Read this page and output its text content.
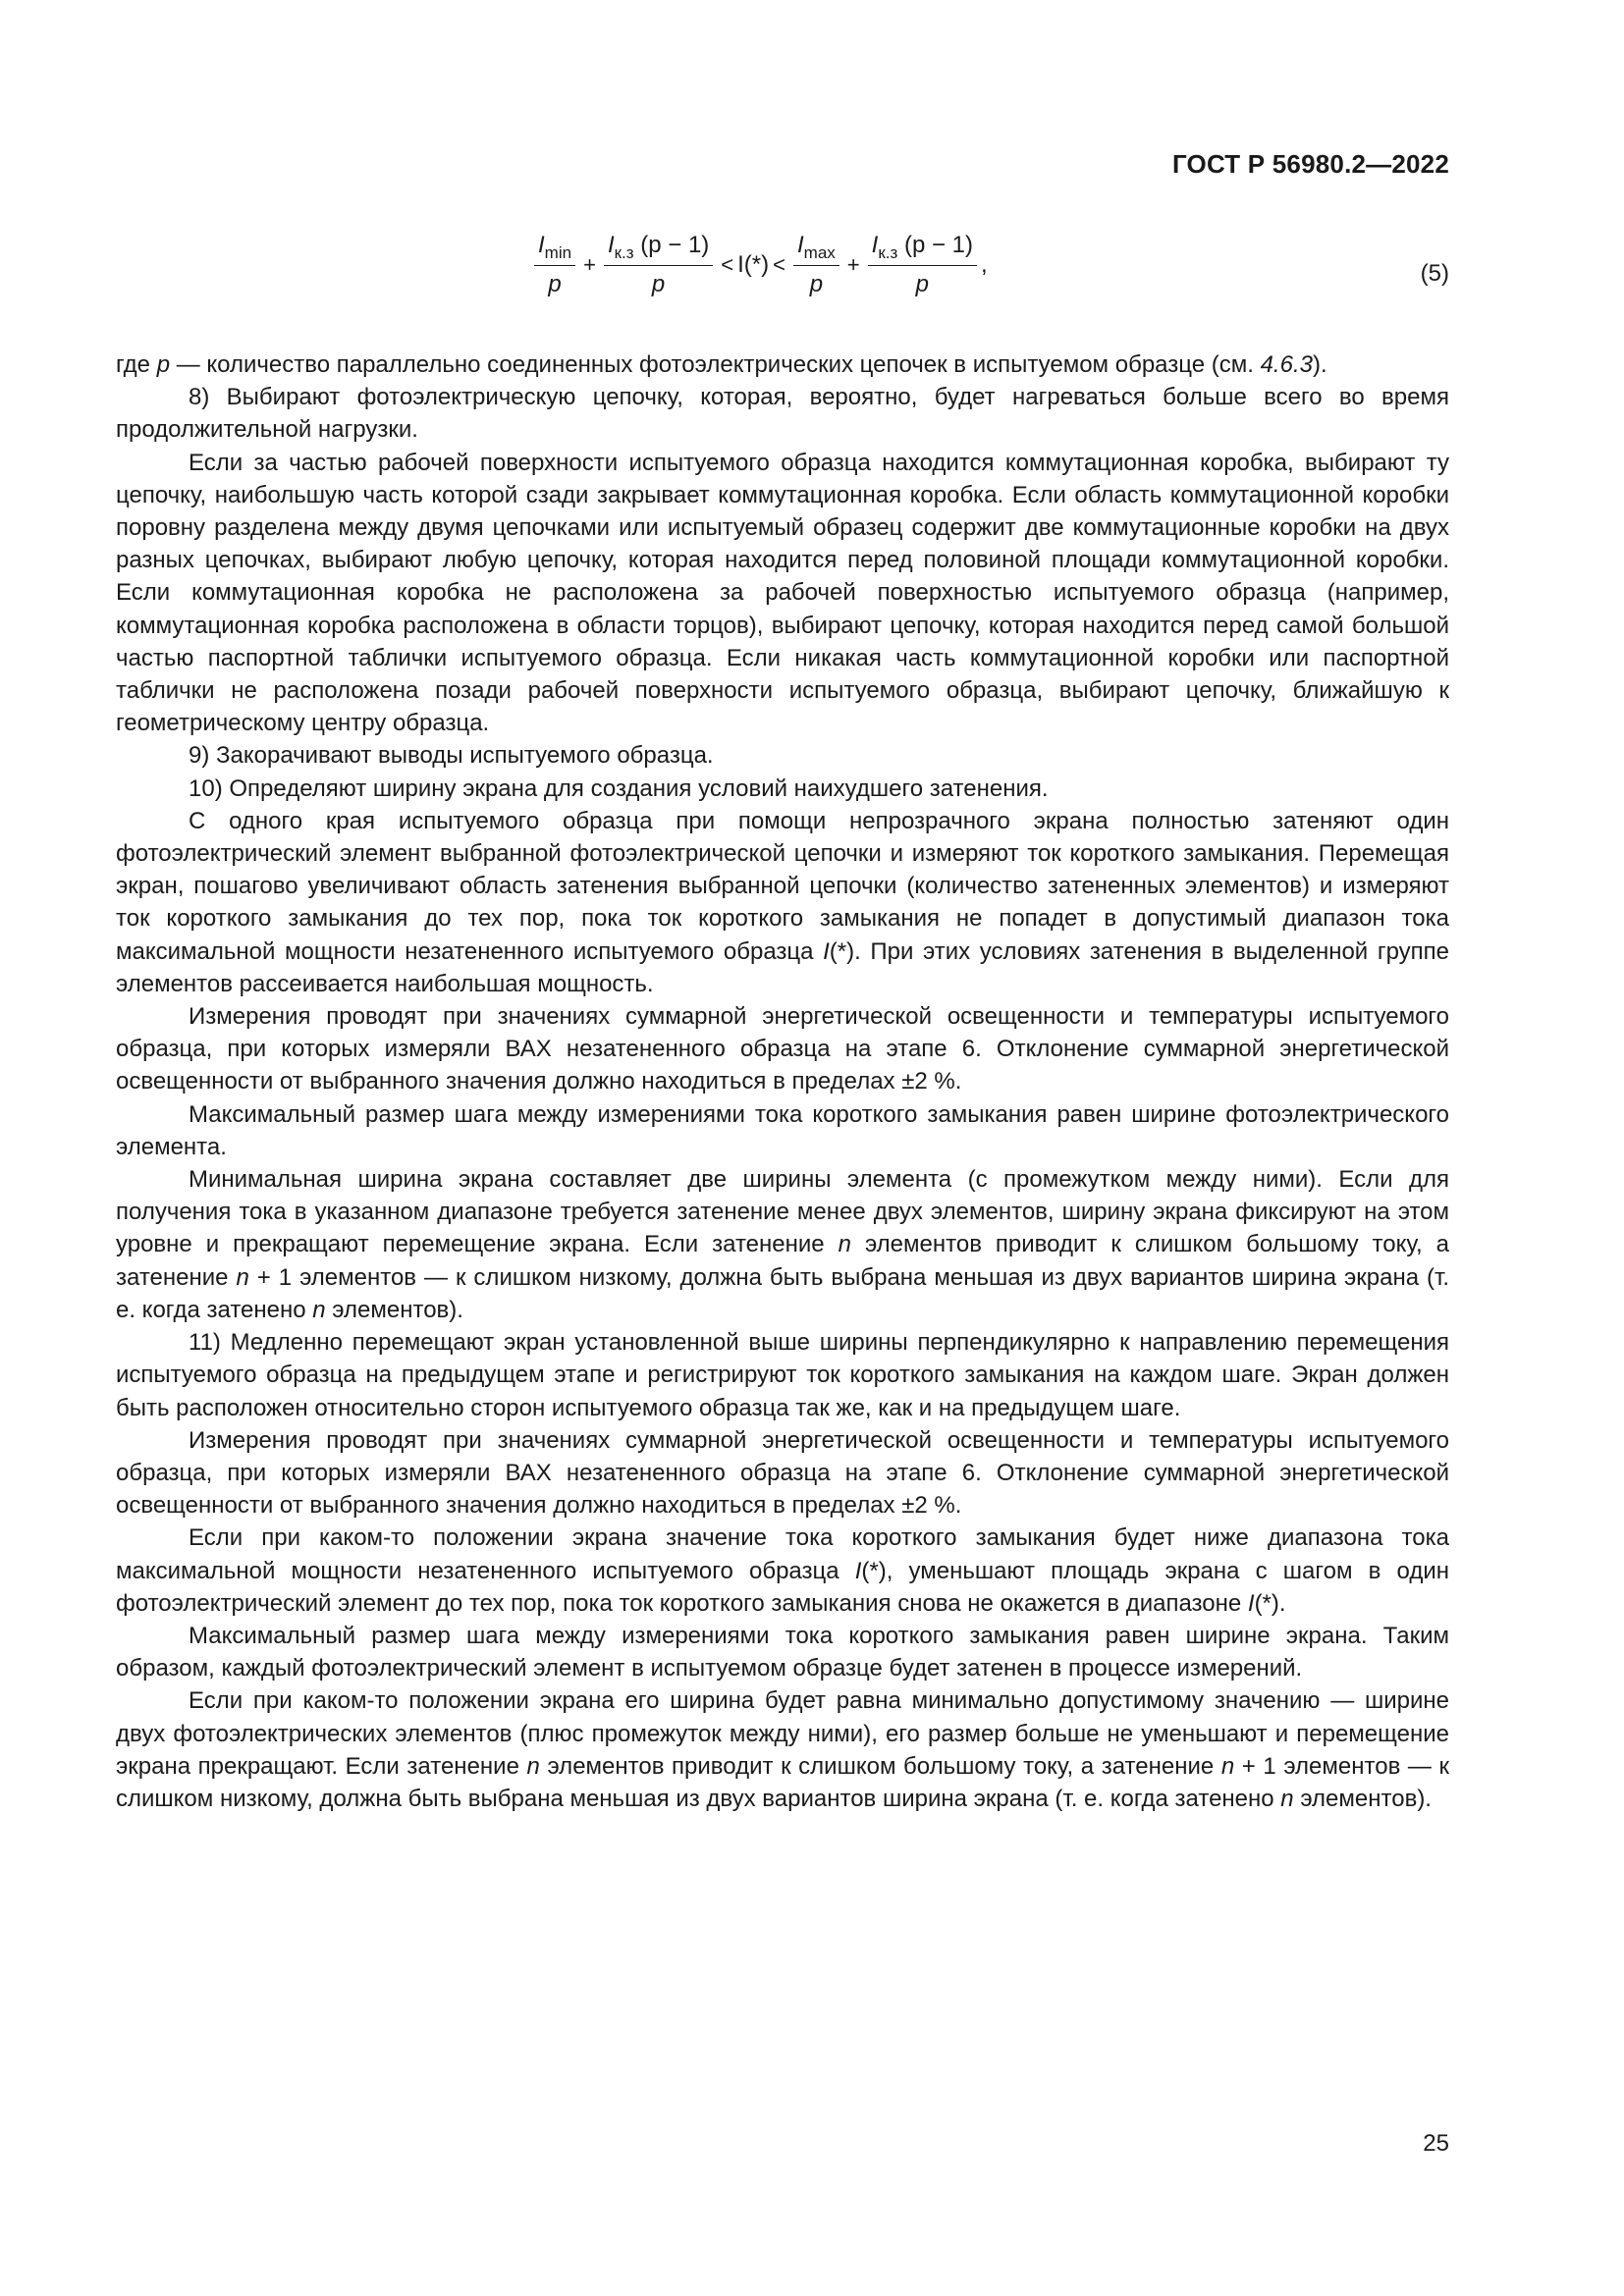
ГОСТ Р 56980.2—2022
$\frac{I_{min}}{p} + \frac{I_{к.з} (p - 1)}{p} < I(*) < \frac{I_{max}}{p} + \frac{I_{к.з} (p - 1)}{p}$ ,	(5)

где p — количество параллельно соединенных фотоэлектрических цепочек в испытуемом образце (см. 4.6.3).

8) Выбирают фотоэлектрическую цепочку, которая, вероятно, будет нагреваться больше всего во время продолжительной нагрузки.

Если за частью рабочей поверхности испытуемого образца находится коммутационная коробка, выбирают ту цепочку, наибольшую часть которой сзади закрывает коммутационная коробка. Если область коммутационной коробки поровну разделена между двумя цепочками или испытуемый образец содержит две коммутационные коробки на двух разных цепочках, выбирают любую цепочку, которая находится перед половиной площади коммутационной коробки. Если коммутационная коробка не расположена за рабочей поверхностью испытуемого образца (например, коммутационная коробка расположена в области торцов), выбирают цепочку, которая находится перед самой большой частью паспортной таблички испытуемого образца. Если никакая часть коммутационной коробки или паспортной таблички не расположена позади рабочей поверхности испытуемого образца, выбирают цепочку, ближайшую к геометрическому центру образца.

9) Закорачивают выводы испытуемого образца.

10) Определяют ширину экрана для создания условий наихудшего затенения.

С одного края испытуемого образца при помощи непрозрачного экрана полностью затеняют один фотоэлектрический элемент выбранной фотоэлектрической цепочки и измеряют ток короткого замыкания. Перемещая экран, пошагово увеличивают область затенения выбранной цепочки (количество затененных элементов) и измеряют ток короткого замыкания до тех пор, пока ток короткого замыкания не попадет в допустимый диапазон тока максимальной мощности незатененного испытуемого образца I(*). При этих условиях затенения в выделенной группе элементов рассеивается наибольшая мощность.

Измерения проводят при значениях суммарной энергетической освещенности и температуры испытуемого образца, при которых измеряли ВАХ незатененного образца на этапе 6. Отклонение суммарной энергетической освещенности от выбранного значения должно находиться в пределах ±2 %.

Максимальный размер шага между измерениями тока короткого замыкания равен ширине фотоэлектрического элемента.

Минимальная ширина экрана составляет две ширины элемента (с промежутком между ними). Если для получения тока в указанном диапазоне требуется затенение менее двух элементов, ширину экрана фиксируют на этом уровне и прекращают перемещение экрана. Если затенение n элементов приводит к слишком большому току, а затенение n + 1 элементов — к слишком низкому, должна быть выбрана меньшая из двух вариантов ширина экрана (т. е. когда затенено n элементов).

11) Медленно перемещают экран установленной выше ширины перпендикулярно к направлению перемещения испытуемого образца на предыдущем этапе и регистрируют ток короткого замыкания на каждом шаге. Экран должен быть расположен относительно сторон испытуемого образца так же, как и на предыдущем шаге.

Измерения проводят при значениях суммарной энергетической освещенности и температуры испытуемого образца, при которых измеряли ВАХ незатененного образца на этапе 6. Отклонение суммарной энергетической освещенности от выбранного значения должно находиться в пределах ±2 %.

Если при каком-то положении экрана значение тока короткого замыкания будет ниже диапазона тока максимальной мощности незатененного испытуемого образца I(*), уменьшают площадь экрана с шагом в один фотоэлектрический элемент до тех пор, пока ток короткого замыкания снова не окажется в диапазоне I(*).

Максимальный размер шага между измерениями тока короткого замыкания равен ширине экрана. Таким образом, каждый фотоэлектрический элемент в испытуемом образце будет затенен в процессе измерений.

Если при каком-то положении экрана его ширина будет равна минимально допустимому значению — ширине двух фотоэлектрических элементов (плюс промежуток между ними), его размер больше не уменьшают и перемещение экрана прекращают. Если затенение n элементов приводит к слишком большому току, а затенение n + 1 элементов — к слишком низкому, должна быть выбрана меньшая из двух вариантов ширина экрана (т. е. когда затенено n элементов).

25
